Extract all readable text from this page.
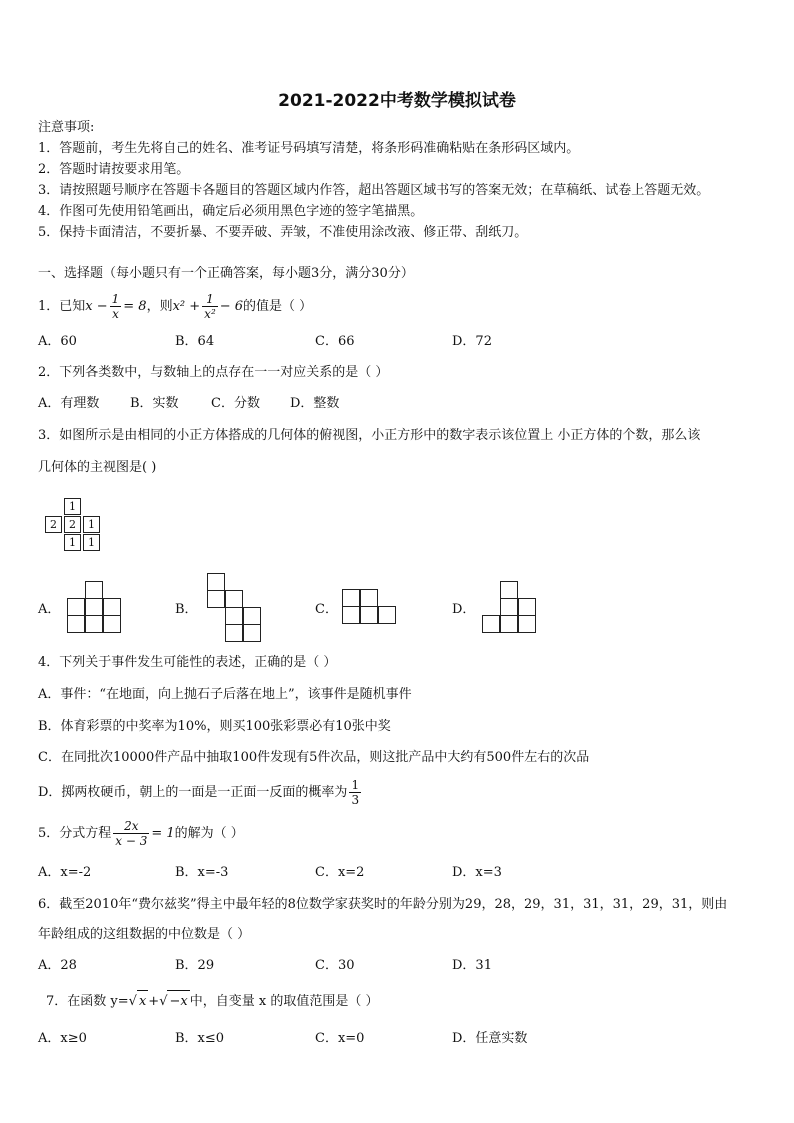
2021-2022中考数学模拟试卷
注意事项:
1．答题前，考生先将自己的姓名、准考证号码填写清楚，将条形码准确粘贴在条形码区域内。
2．答题时请按要求用笔。
3．请按照题号顺序在答题卡各题目的答题区域内作答，超出答题区域书写的答案无效；在草稿纸、试卷上答题无效。
4．作图可先使用铅笔画出，确定后必须用黑色字迹的签字笔描黑。
5．保持卡面清洁，不要折暴、不要弄破、弄皱，不准使用涂改液、修正带、刮纸刀。
一、选择题（每小题只有一个正确答案，每小题3分，满分30分）
1．已知$x - \frac{1}{x} = 8$，则$x^2 + \frac{1}{\text{x²}} - 6$的值是（ ）
A．60	B．64	C．66	D．72
2．下列各类数中，与数轴上的点存在一一对应关系的是（ ）
A．有理数 B．实数 C．分数 D．整数
3．如图所示是由相同的小正方体搭成的几何体的俯视图，小正方形中的数字表示该位置上 小正方体的个数，那么该
几何体的主视图是( )
1
2	2	1
1	1
A．	B．	C．	D．
4．下列关于事件发生可能性的表述，正确的是（ ）
A．事件：“在地面，向上抛石子后落在地上”，该事件是随机事件
B．体育彩票的中奖率为10%，则买100张彩票必有10张中奖
C．在同批次10000件产品中抽取100件发现有5件次品，则这批产品中大约有500件左右的次品
D．掷两枚硬币，朝上的一面是一正面一反面的概率为 $\frac{1}{3}$
5．分式方程 $\frac{2x}{x - 3} = 1$的解为（ ）
A．x=-2	B．x=-3	C．x=2	D．x=3
6．截至2010年“费尔兹奖”得主中最年轻的8位数学家获奖时的年龄分别为29，28，29，31，31，31，29，31，则由
年龄组成的这组数据的中位数是（ ）
A．28	B．29	C．30	D．31
7．在函数 y=√ x +√ −x 中，自变量 x 的取值范围是（ ）
A．x≥0	B．x≤0	C．x=0	D．任意实数
